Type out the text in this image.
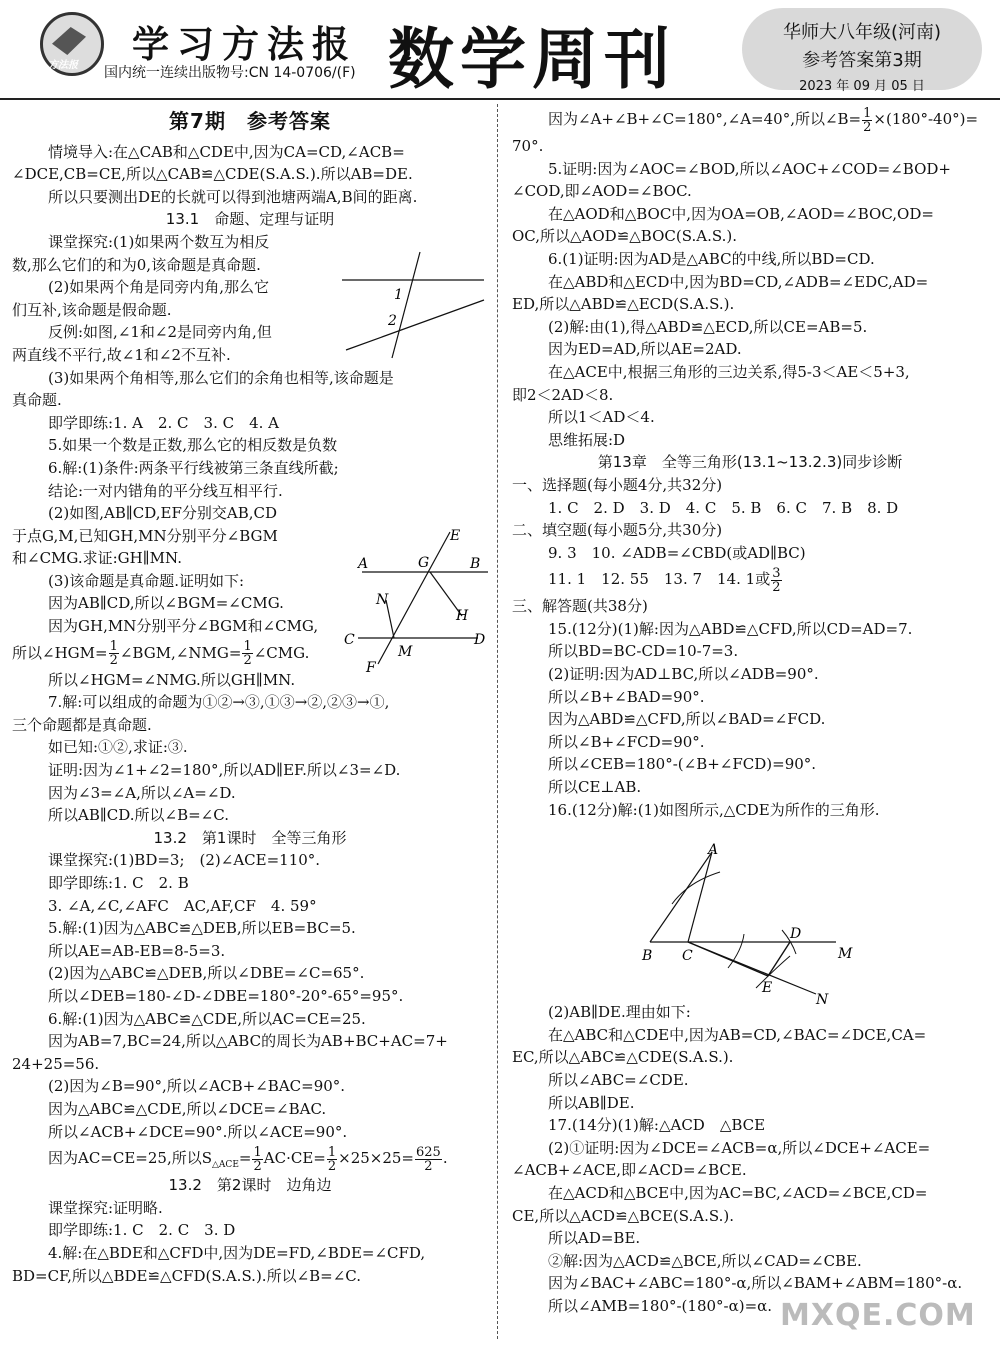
方法报 学习方法报
国内统一连续出版物号:CN 14-0706/(F) 数学周刊	华师大八年级(河南)
参考答案第3期
2023 年 09 月 05 日
第7期　参考答案
情境导入:在△CAB和△CDE中,因为CA=CD,∠ACB=
∠DCE,CB=CE,所以△CAB≌△CDE(S.A.S.).所以AB=DE.
所以只要测出DE的长就可以得到池塘两端A,B间的距离.
13.1　命题、定理与证明
课堂探究:(1)如果两个数互为相反
数,那么它们的和为0,该命题是真命题.
(2)如果两个角是同旁内角,那么它
们互补,该命题是假命题.
反例:如图,∠1和∠2是同旁内角,但
两直线不平行,故∠1和∠2不互补.
(3)如果两个角相等,那么它们的余角也相等,该命题是
真命题.
即学即练:1. A　2. C　3. C　4. A
5.如果一个数是正数,那么它的相反数是负数
6.解:(1)条件:两条平行线被第三条直线所截;
结论:一对内错角的平分线互相平行.
(2)如图,AB∥CD,EF分别交AB,CD
于点G,M,已知GH,MN分别平分∠BGM
和∠CMG.求证:GH∥MN.
(3)该命题是真命题.证明如下:
因为AB∥CD,所以∠BGM=∠CMG.
因为GH,MN分别平分∠BGM和∠CMG,
所以∠HGM= $\frac{1}{2}$ ∠BGM,∠NMG= $\frac{1}{2}$ ∠CMG.
所以∠HGM=∠NMG.所以GH∥MN.
7.解:可以组成的命题为①②→③,①③→②,②③→①,
三个命题都是真命题.
如已知:①②,求证:③.
证明:因为∠1+∠2=180°,所以AD∥EF.所以∠3=∠D.
因为∠3=∠A,所以∠A=∠D.
所以AB∥CD.所以∠B=∠C.
13.2　第1课时　全等三角形
课堂探究:(1)BD=3;　(2)∠ACE=110°.
即学即练:1. C　2. B
3. ∠A,∠C,∠AFC　AC,AF,CF　4. 59°
5.解:(1)因为△ABC≌△DEB,所以EB=BC=5.
所以AE=AB-EB=8-5=3.
(2)因为△ABC≌△DEB,所以∠DBE=∠C=65°.
所以∠DEB=180-∠D-∠DBE=180°-20°-65°=95°.
6.解:(1)因为△ABC≌△CDE,所以AC=CE=25.
因为AB=7,BC=24,所以△ABC的周长为AB+BC+AC=7+
24+25=56.
(2)因为∠B=90°,所以∠ACB+∠BAC=90°.
因为△ABC≌△CDE,所以∠DCE=∠BAC.
所以∠ACB+∠DCE=90°.所以∠ACE=90°.
因为AC=CE=25,所以$S_{\triangle ACE}= \frac{1}{2} AC\cdot CE= \frac{1}{2} \times 25\times 25= \frac{625}{2}$ .
13.2　第2课时　边角边
课堂探究:证明略.
即学即练:1. C　2. C　3. D
4.解:在△BDE和△CFD中,因为DE=FD,∠BDE=∠CFD,
BD=CF,所以△BDE≌△CFD(S.A.S.).所以∠B=∠C.
1
2
A	G
E
B
N
H
C
M
D
F
因为∠A+∠B+∠C=180°,∠A=40°,所以∠B= $\frac{1}{2} \times(180^\circ-40^\circ)=$
70°.
5.证明:因为∠AOC=∠BOD,所以∠AOC+∠COD=∠BOD+
∠COD,即∠AOD=∠BOC.
在△AOD和△BOC中,因为OA=OB,∠AOD=∠BOC,OD=
OC,所以△AOD≌△BOC(S.A.S.).
6.(1)证明:因为AD是△ABC的中线,所以BD=CD.
在△ABD和△ECD中,因为BD=CD,∠ADB=∠EDC,AD=
ED,所以△ABD≌△ECD(S.A.S.).
(2)解:由(1),得△ABD≌△ECD,所以CE=AB=5.
因为ED=AD,所以AE=2AD.
在△ACE中,根据三角形的三边关系,得5-3＜AE＜5+3,
即2＜2AD＜8.
所以1＜AD＜4.
思维拓展:D
第13章　全等三角形(13.1~13.2.3)同步诊断
一、选择题(每小题4分,共32分)
1. C　2. D　3. D　4. C　5. B　6. C　7. B　8. D
二、填空题(每小题5分,共30分)
9. 3　10. ∠ADB=∠CBD(或AD∥BC)
11. 1　12. 55　13. 7　14. 1或 $\frac{3}{2}$
三、解答题(共38分)
15.(12分)(1)解:因为△ABD≌△CFD,所以CD=AD=7.
所以BD=BC-CD=10-7=3.
(2)证明:因为AD⊥BC,所以∠ADB=90°.
所以∠B+∠BAD=90°.
因为△ABD≌△CFD,所以∠BAD=∠FCD.
所以∠B+∠FCD=90°.
所以∠CEB=180°-(∠B+∠FCD)=90°.
所以CE⊥AB.
16.(12分)解:(1)如图所示,△CDE为所作的三角形.
(2)AB∥DE.理由如下:
在△ABC和△CDE中,因为AB=CD,∠BAC=∠DCE,CA=
EC,所以△ABC≌△CDE(S.A.S.).
所以∠ABC=∠CDE.
所以AB∥DE.
17.(14分)(1)解:△ACD　△BCE
(2)①证明:因为∠DCE=∠ACB=α,所以∠DCE+∠ACE=
∠ACB+∠ACE,即∠ACD=∠BCE.
在△ACD和△BCE中,因为AC=BC,∠ACD=∠BCE,CD=
CE,所以△ACD≌△BCE(S.A.S.).
所以AD=BE.
②解:因为△ACD≌△BCE,所以∠CAD=∠CBE.
因为∠BAC+∠ABC=180°-α,所以∠BAM+∠ABM=180°-α.
所以∠AMB=180°-(180°-α)=α.
A
B C
D
M
E
N
MXQE.COM
